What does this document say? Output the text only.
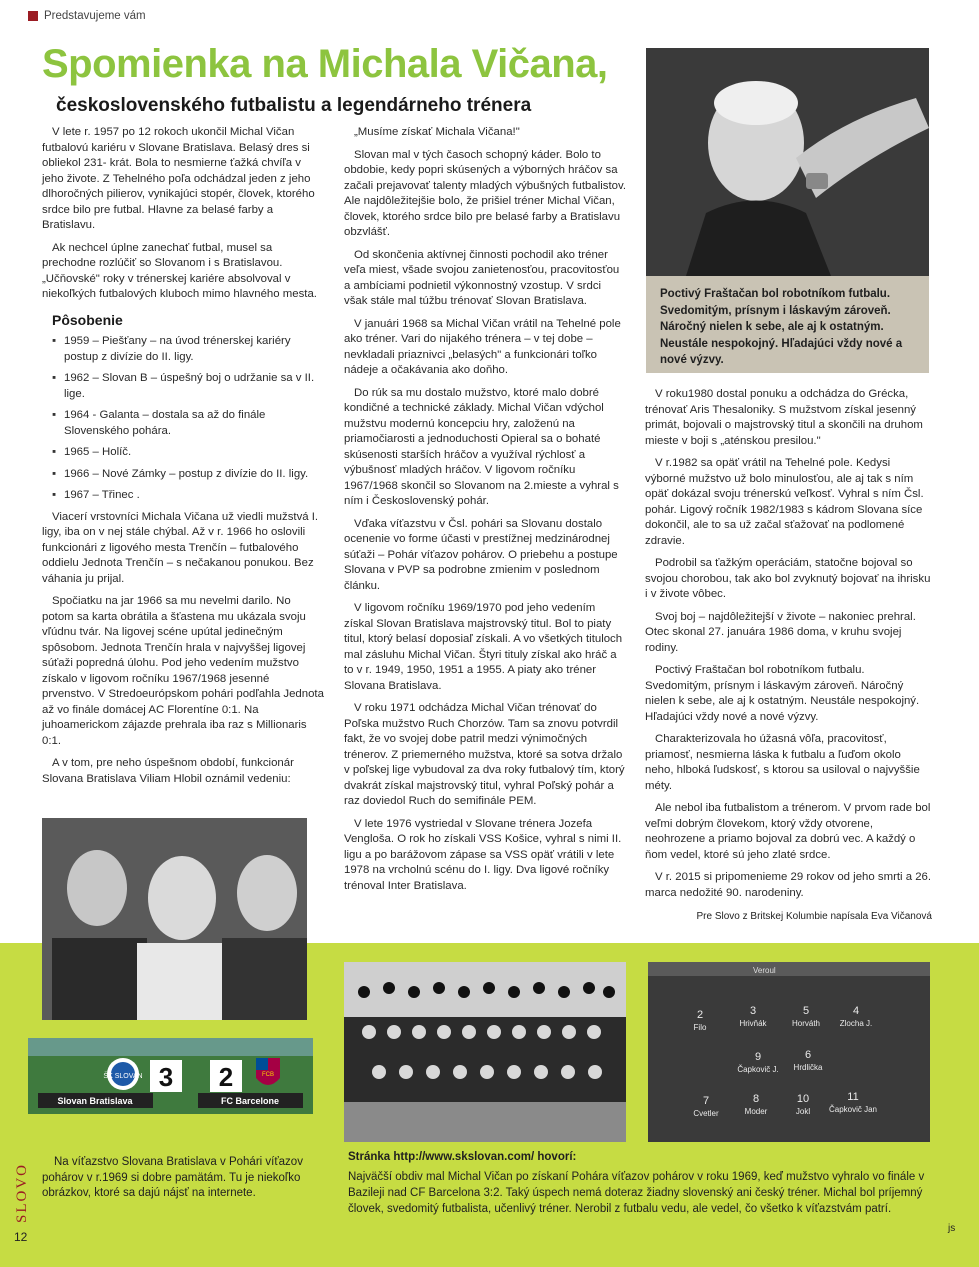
Predstavujeme vám
Spomienka na Michala Vičana,
československého futbalistu a legendárneho trénera

V lete r. 1957 po 12 rokoch ukončil Michal Vičan futbalovú kariéru v Slovane Bratislava. Belasý dres si obliekol 231- krát. Bola to nesmierne ťažká chvíľa v jeho živote. Z Tehelného poľa odchádzal jeden z jeho dlhoročných pilierov, vynikajúci stopér, človek, ktorého srdce bilo pre futbal. Hlavne za belasé farby a Bratislavu.

Ak nechcel úplne zanechať futbal, musel sa prechodne rozlúčiť so Slovanom i s Bratislavou. „Učňovské" roky v trénerskej kariére absolvoval v niekoľkých futbalových kluboch mimo hlavného mesta.

Pôsobenie
▪ 1959 – Piešťany – na úvod trénerskej kariéry postup z divízie do II. ligy.
▪ 1962 – Slovan B – úspešný boj o udržanie sa v II. lige.
▪ 1964 - Galanta – dostala sa až do finále Slovenského pohára.
▪ 1965 – Holíč.
▪ 1966 – Nové Zámky – postup z divízie do II. ligy.
▪ 1967 – Třinec .

Viacerí vrstovníci Michala Vičana už viedli mužstvá I. ligy, iba on v nej stále chýbal. Až v r. 1966 ho oslovili funkcionári z ligového mesta Trenčín – futbalového oddielu Jednota Trenčín – s nečakanou ponukou. Bez váhania ju prijal.

Spočiatku na jar 1966 sa mu nevelmi darilo. No potom sa karta obrátila a šťastena mu ukázala svoju vľúdnu tvár. Na ligovej scéne upútal jedinečným spôsobom. Jednota Trenčín hrala v najvyššej ligovej súťaži popredná úlohu. Pod jeho vedením mužstvo získalo v ligovom ročníku 1967/1968 jesenné prvenstvo. V Stredoeurópskom pohári podľahla Jednota až vo finále domácej AC Florentíne 0:1. Na juhoamerickom zájazde prehrala iba raz s Millionaris 0:1.

A v tom, pre neho úspešnom období, funkcionár Slovana Bratislava Viliam Hlobil oznámil vedeniu:

„Musíme získať Michala Vičana!"

Slovan mal v tých časoch schopný káder. Bolo to obdobie, kedy popri skúsených a výborných hráčov sa začali prejavovať talenty mladých výbušných futbalistov. Ale najdôležitejšie bolo, že prišiel tréner Michal Vičan, človek, ktorého srdce bilo pre belasé farby a Bratislavu obzvlášť.

Od skončenia aktívnej činnosti pochodil ako tréner veľa miest, všade svojou zanietenosťou, pracovitosťou a ambíciami podnietil výkonnostný vzostup. V srdci však stále mal túžbu trénovať Slovan Bratislava.

V januári 1968 sa Michal Vičan vrátil na Tehelné pole ako tréner. Vari do nijakého trénera – v tej dobe – nevkladali priaznivci „belasých" a funkcionári toľko nádeje a očakávania ako doňho.

Do rúk sa mu dostalo mužstvo, ktoré malo dobré kondičné a technické základy. Michal Vičan vdýchol mužstvu modernú koncepciu hry, založenú na priamočiarosti a jednoduchosti Opieral sa o bohaté skúsenosti starších hráčov a využíval rýchlosť a výbušnosť mladých hráčov. V ligovom ročníku 1967/1968 skončil so Slovanom na 2.mieste a vyhral s ním i Československý pohár.

Vďaka víťazstvu v Čsl. pohári sa Slovanu dostalo ocenenie vo forme účasti v prestížnej medzinárodnej súťaži – Pohár víťazov pohárov. O priebehu a postupe Slovana v PVP sa podrobne zmienim v poslednom článku.

V ligovom ročníku 1969/1970 pod jeho vedením získal Slovan Bratislava majstrovský titul. Bol to piaty titul, ktorý belasí doposiaľ získali. A vo všetkých tituloch mal zásluhu Michal Vičan. Štyri tituly získal ako hráč a to v r. 1949, 1950, 1951 a 1955. A piaty ako tréner Slovana Bratislava.

V roku 1971 odchádza Michal Vičan trénovať do Poľska mužstvo Ruch Chorzów. Tam sa znovu potvrdil fakt, že vo svojej dobe patril medzi výnimočných trénerov. Z priemerného mužstva, ktoré sa sotva držalo v poľskej lige vybudoval za dva roky futbalový tím, ktorý dvakrát získal majstrovský titul, vyhral Poľský pohár a raz doviedol Ruch do semifinále PEM.

V lete 1976 vystriedal v Slovane trénera Jozefa Vengloša. O rok ho získali VSS Košice, vyhral s nimi II. ligu a po barážovom zápase sa VSS opäť vrátili v lete 1978 na vrcholnú scénu do I. ligy. Dva ligové ročníky trénoval Inter Bratislava.

Poctivý Fraštačan bol robotníkom futbalu. Svedomitým, prísnym i láskavým zároveň. Náročný nielen k sebe, ale aj k ostatným. Neustále nespokojný. Hľadajúci vždy nové a nové výzvy.

V roku1980 dostal ponuku a odchádza do Grécka, trénovať Aris Thesaloniky. S mužstvom získal jesenný primát, bojovali o majstrovský titul a skončili na druhom mieste v boji s „aténskou presilou."

V r.1982 sa opäť vrátil na Tehelné pole. Kedysi výborné mužstvo už bolo minulosťou, ale aj tak s ním opäť dokázal svoju trénerskú veľkosť. Vyhral s ním Čsl. pohár. Ligový ročník 1982/1983 s kádrom Slovana síce dokončil, ale to sa už začal sťažovať na podlomené zdravie.

Podrobil sa ťažkým operáciám, statočne bojoval so svojou chorobou, tak ako bol zvyknutý bojovať na ihrisku i v živote vôbec.

Svoj boj – najdôležitejší v živote – nakoniec prehral. Otec skonal 27. januára 1986 doma, v kruhu svojej rodiny.

Poctivý Fraštačan bol robotníkom futbalu. Svedomitým, prísnym i láskavým zároveň. Náročný nielen k sebe, ale aj k ostatným. Neustále nespokojný. Hľadajúci vždy nové a nové výzvy.

Charakterizovala ho úžasná vôľa, pracovitosť, priamosť, nesmierna láska k futbalu a ľuďom okolo neho, hlboká ľudskosť, s ktorou sa usiloval o najvyššie méty.

Ale nebol iba futbalistom a trénerom. V prvom rade bol veľmi dobrým človekom, ktorý vždy otvorene, neohrozene a priamo bojoval za dobrú vec. A každý o ňom vedel, ktoré sú jeho zlaté srdce.

V r. 2015 si pripomenieme 29 rokov od jeho smrti a 26. marca nedožité 90. narodeniny.

Pre Slovo z Britskej Kolumbie napísala Eva Vičanová

ŠK SLOVAN 3 2	FCB
Slovan Bratislava	FC Barcelone
Veroul
2
Filo
3
Hrivňák
5
Horváth
4
Zlocha J.
9
Čapkovič J.
6
Hrdlička
7
Cvetler
8
Moder
10
Jokl
11
Čapkovič Jan
Na víťazstvo Slovana Bratislava v Pohári víťazov pohárov v r.1969 si dobre pamätám. Tu je niekoľko obrázkov, ktoré sa dajú nájsť na internete.
Stránka http://www.skslovan.com/ hovorí:
Najväčší obdiv mal Michal Vičan po získaní Pohára víťazov pohárov v roku 1969, keď mužstvo vyhralo vo finále v Bazileji nad CF Barcelona 3:2. Taký úspech nemá doteraz žiadny slovenský ani český tréner. Michal bol príjemný človek, svedomitý futbalista, učenlivý tréner. Nerobil z futbalu vedu, ale vedel, čo všetko k víťazstvám patrí.
SLOVO
12
js
